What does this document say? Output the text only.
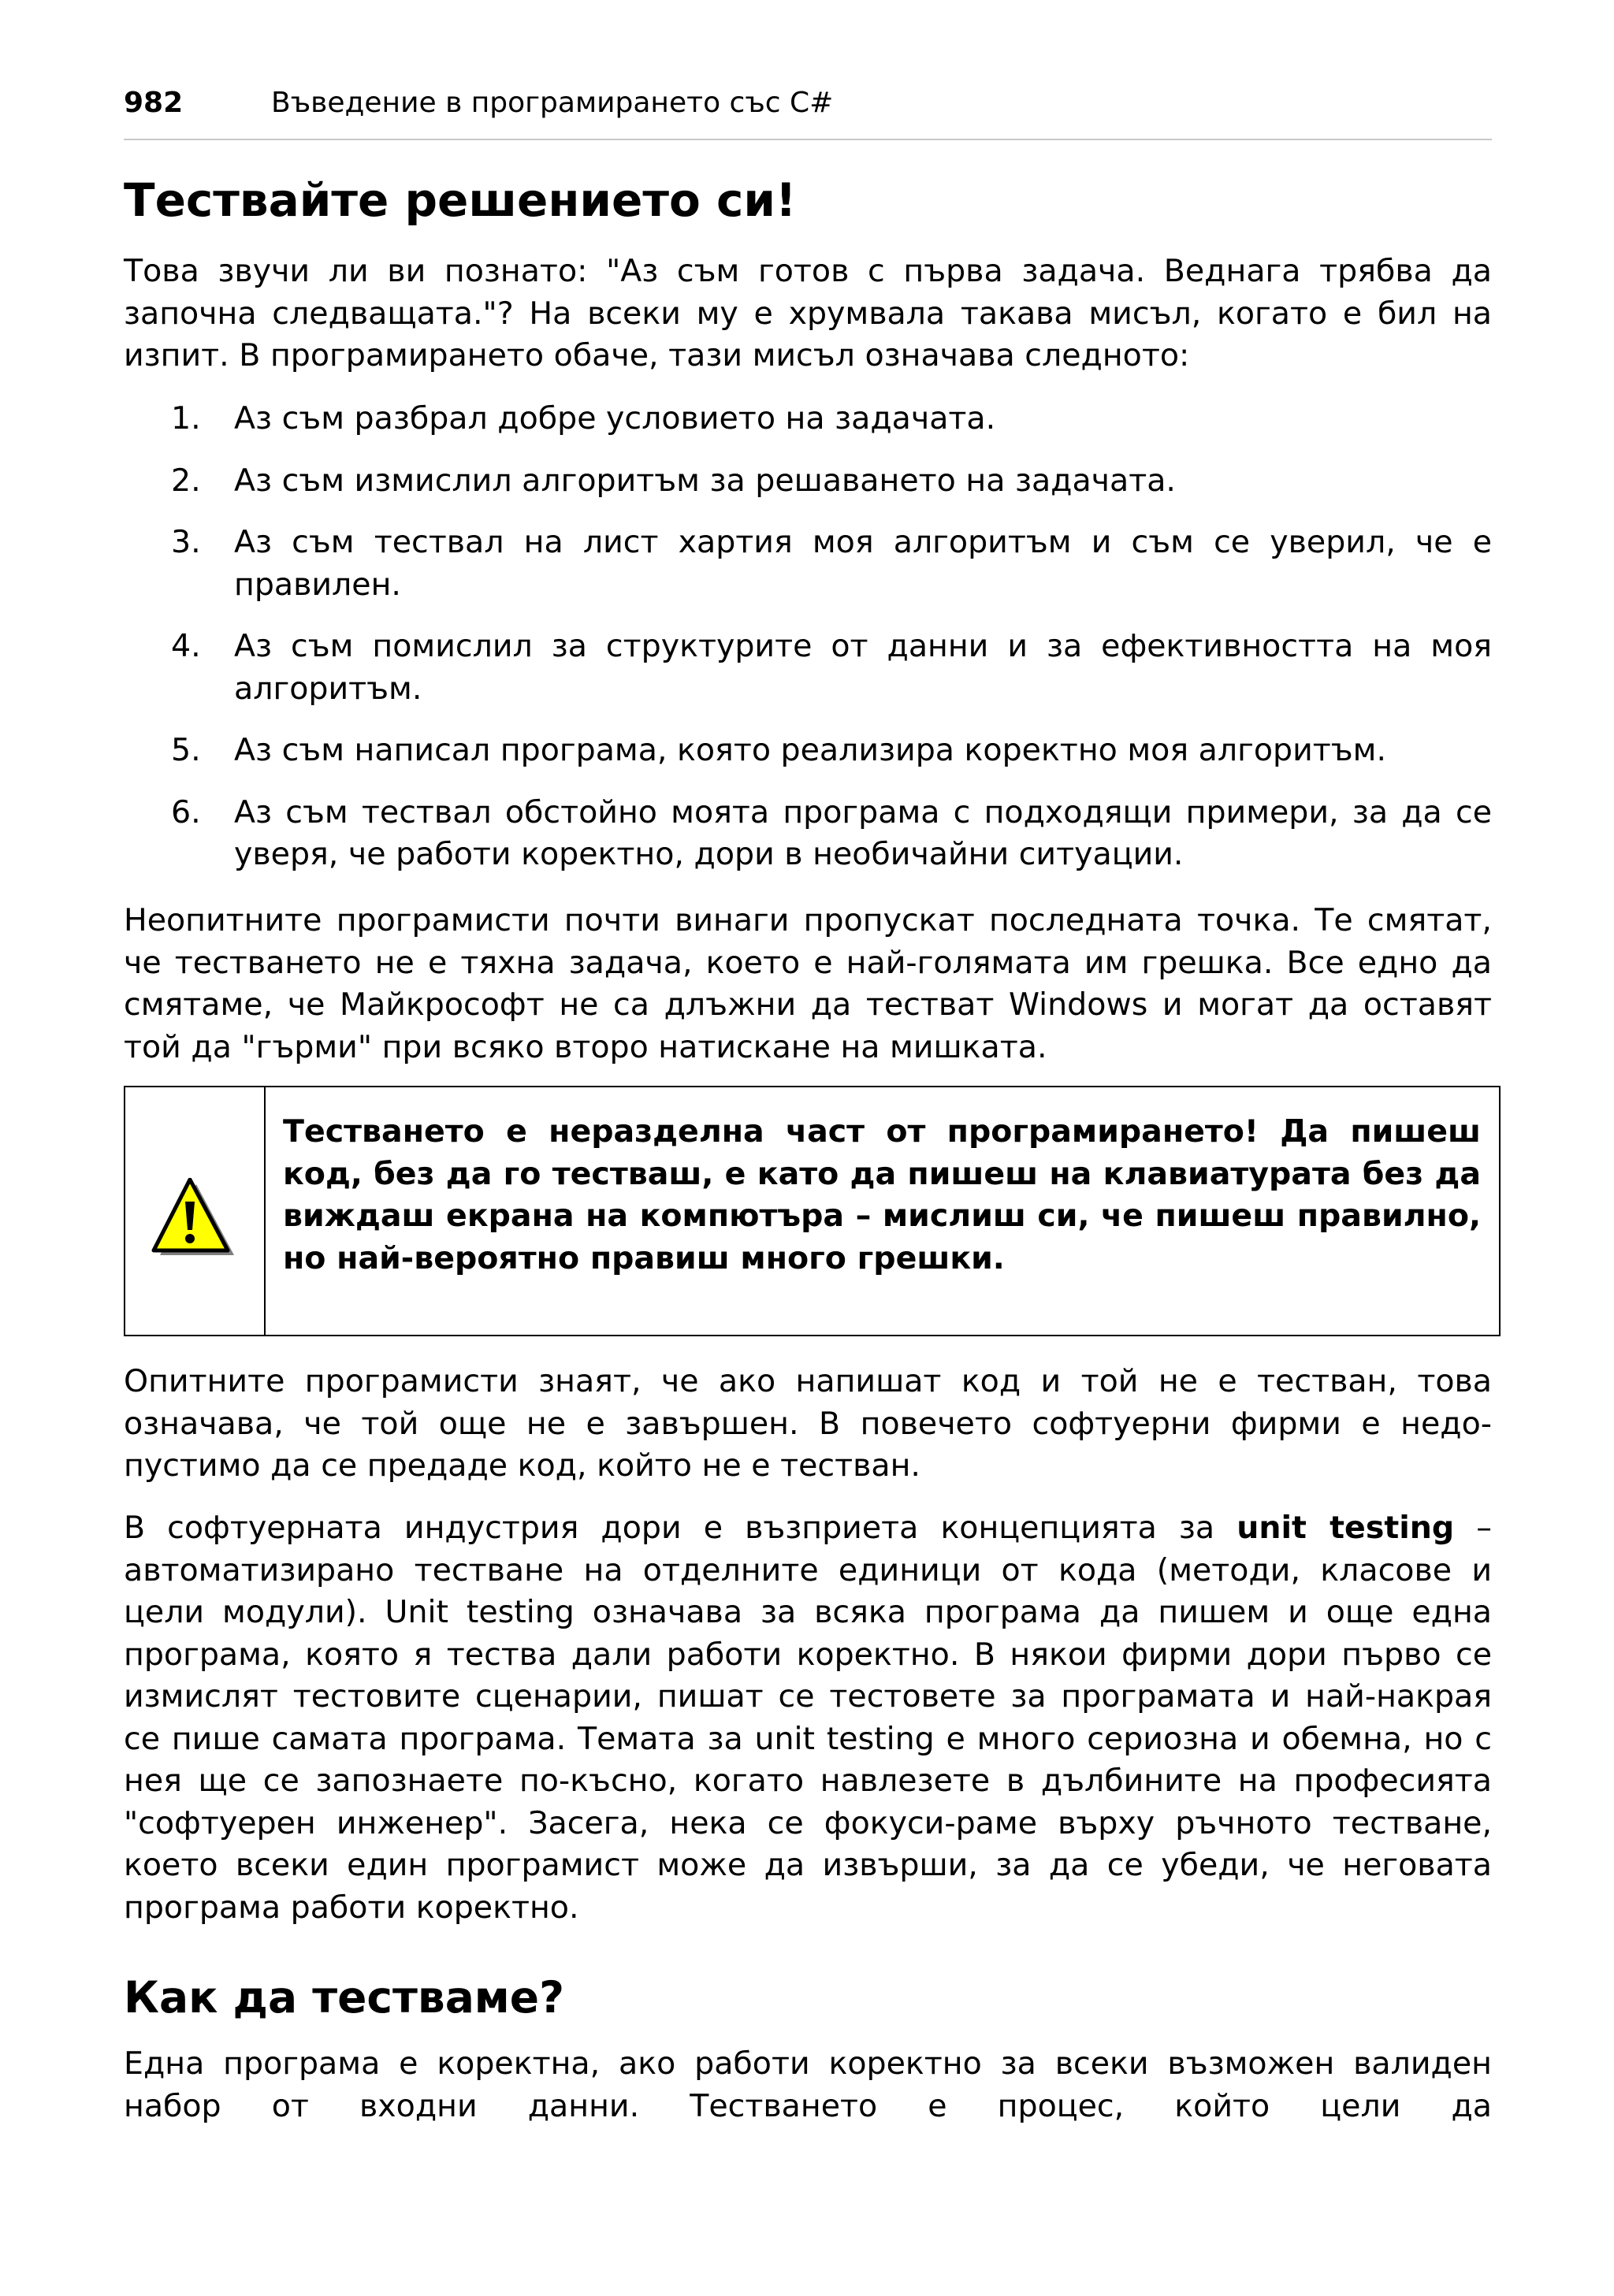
982	Въведение в програмирането със C#
Тествайте решението си!

Това звучи ли ви познато: "Аз съм готов с първа задача. Веднага трябва да започна следващата."? На всеки му е хрумвала такава мисъл, когато е бил на изпит. В програмирането обаче, тази мисъл означава следното:

1. Аз съм разбрал добре условието на задачата.
2. Аз съм измислил алгоритъм за решаването на задачата.
3. Аз съм тествал на лист хартия моя алгоритъм и съм се уверил, че е правилен.
4. Аз съм помислил за структурите от данни и за ефективността на моя алгоритъм.
5. Аз съм написал програма, която реализира коректно моя алгоритъм.
6. Аз съм тествал обстойно моята програма с подходящи примери, за да се уверя, че работи коректно, дори в необичайни ситуации.

Неопитните програмисти почти винаги пропускат последната точка. Те смятат, че тестването не е тяхна задача, което е най-голямата им грешка. Все едно да смятаме, че Майкрософт не са длъжни да тестват Windows и могат да оставят той да "гърми" при всяко второ натискане на мишката.

Тестването е неразделна част от програмирането! Да пишеш код, без да го тестваш, е като да пишеш на клавиатурата без да виждаш екрана на компютъра – мислиш си, че пишеш правилно, но най-вероятно правиш много грешки.

Опитните програмисти знаят, че ако напишат код и той не е тестван, това означава, че той още не е завършен. В повечето софтуерни фирми е недо-пустимо да се предаде код, който не е тестван.

В софтуерната индустрия дори е възприета концепцията за unit testing – автоматизирано тестване на отделните единици от кода (методи, класове и цели модули). Unit testing означава за всяка програма да пишем и още една програма, която я тества дали работи коректно. В някои фирми дори първо се измислят тестовите сценарии, пишат се тестовете за програмата и най-накрая се пише самата програма. Темата за unit testing е много сериозна и обемна, но с нея ще се запознаете по-късно, когато навлезете в дълбините на професията "софтуерен инженер". Засега, нека се фокуси-раме върху ръчното тестване, което всеки един програмист може да извърши, за да се убеди, че неговата програма работи коректно.

Как да тестваме?

Една програма е коректна, ако работи коректно за всеки възможен валиден набор от входни данни. Тестването е процес, който цели да
